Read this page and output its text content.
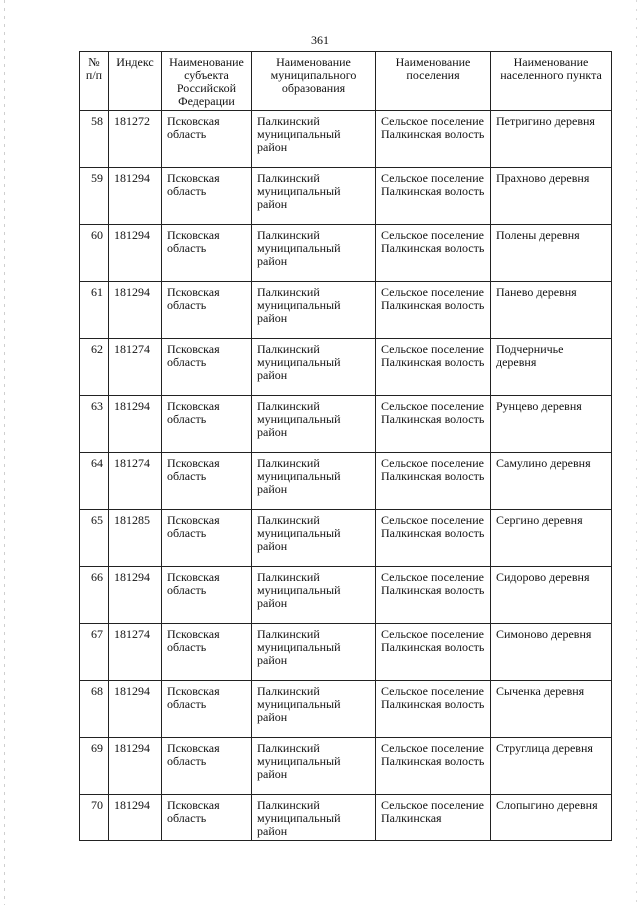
361
№ п/п	Индекс	Наименование субъекта Российской Федерации	Наименование муниципального образования	Наименование поселения	Наименование населенного пункта
58	181272	Псковская область	Палкинский муниципальный район	Сельское поселение Палкинская волость	Петригино деревня
59	181294	Псковская область	Палкинский муниципальный район	Сельское поселение Палкинская волость	Прахново деревня
60	181294	Псковская область	Палкинский муниципальный район	Сельское поселение Палкинская волость	Полены деревня
61	181294	Псковская область	Палкинский муниципальный район	Сельское поселение Палкинская волость	Панево деревня
62	181274	Псковская область	Палкинский муниципальный район	Сельское поселение Палкинская волость	Подчерничье деревня
63	181294	Псковская область	Палкинский муниципальный район	Сельское поселение Палкинская волость	Рунцево деревня
64	181274	Псковская область	Палкинский муниципальный район	Сельское поселение Палкинская волость	Самулино деревня
65	181285	Псковская область	Палкинский муниципальный район	Сельское поселение Палкинская волость	Сергино деревня
66	181294	Псковская область	Палкинский муниципальный район	Сельское поселение Палкинская волость	Сидорово деревня
67	181274	Псковская область	Палкинский муниципальный район	Сельское поселение Палкинская волость	Симоново деревня
68	181294	Псковская область	Палкинский муниципальный район	Сельское поселение Палкинская волость	Сыченка деревня
69	181294	Псковская область	Палкинский муниципальный район	Сельское поселение Палкинская волость	Струглица деревня
70	181294	Псковская область	Палкинский муниципальный район	Сельское поселение Палкинская	Слопыгино деревня
